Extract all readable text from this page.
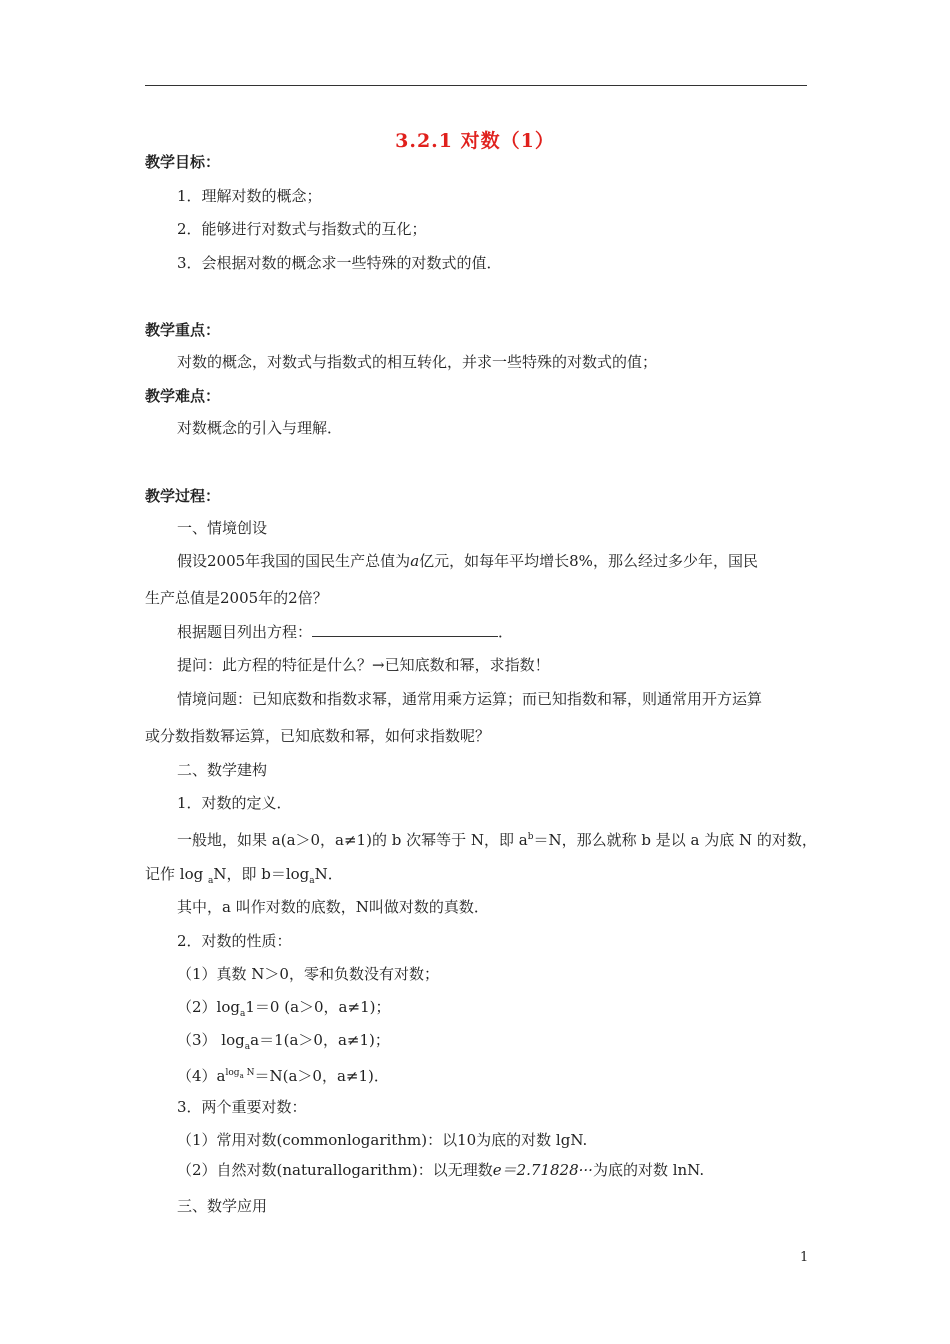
3.2.1 对数（1）
教学目标：
1．理解对数的概念；
2．能够进行对数式与指数式的互化；
3．会根据对数的概念求一些特殊的对数式的值．
教学重点：
对数的概念，对数式与指数式的相互转化，并求一些特殊的对数式的值；
教学难点：
对数概念的引入与理解．
教学过程：
一、情境创设
假设2005年我国的国民生产总值为a亿元，如每年平均增长8%，那么经过多少年，国民
生产总值是2005年的2倍？
根据题目列出方程：	．
提问：此方程的特征是什么？→已知底数和幂，求指数！
情境问题：已知底数和指数求幂，通常用乘方运算；而已知指数和幂，则通常用开方运算
或分数指数幂运算，已知底数和幂，如何求指数呢？
二、数学建构
1．对数的定义．
一般地，如果 a(a＞0，a≠1)的 b 次幂等于 N，即 $a^b=N$，那么就称 b 是以 a 为底 N 的对数，
记作 log $_a$N，即 $b=\log_aN$．
其中，a 叫作对数的底数，N叫做对数的真数．
2．对数的性质：
（1）真数 N＞0，零和负数没有对数；
$(2)\log_a1=0$ (a＞0，a≠1)；
（3） $\log_aa=1(a>0$，a≠1)；
$(4)a^{log_a N}=N(a>0$，a≠1)．
3．两个重要对数：
（1）常用对数(commonlogarithm)：以10为底的对数 lgN.
（2）自然对数(naturallogarithm)：以无理数e＝2.71828···为底的对数 lnN.
三、数学应用
1
